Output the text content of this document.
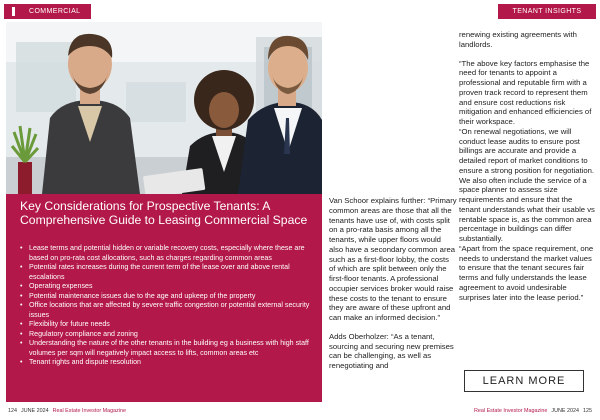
COMMERCIAL	TENANT INSIGHTS
Key Considerations for Prospective Tenants: A Comprehensive Guide to Leasing Commercial Space
• Lease terms and potential hidden or variable recovery costs, especially where these are based on pro-rata cost allocations, such as charges regarding common areas
• Potential rates increases during the current term of the lease over and above rental escalations
• Operating expenses
• Potential maintenance issues due to the age and upkeep of the property
• Office locations that are affected by severe traffic congestion or potential external security issues
• Flexibility for future needs
• Regulatory compliance and zoning
• Understanding the nature of the other tenants in the building eg a business with high staff volumes per sqm will negatively impact access to lifts, common areas etc
• Tenant rights and dispute resolution

Van Schoor explains further: “Primary common areas are those that all the tenants have use of, with costs split on a pro-rata basis among all the tenants, while upper floors would also have a secondary common area such as a first-floor lobby, the costs of which are split between only the first-floor tenants. A professional occupier services broker would raise these costs to the tenant to ensure they are aware of these upfront and can make an informed decision.”

Adds Oberholzer: “As a tenant, sourcing and securing new premises can be challenging, as well as renegotiating and

renewing existing agreements with landlords.

“The above key factors emphasise the need for tenants to appoint a professional and reputable firm with a proven track record to represent them and ensure cost reductions risk mitigation and enhanced efficiencies of their workspace.

“On renewal negotiations, we will conduct lease audits to ensure post billings are accurate and provide a detailed report of market conditions to ensure a strong position for negotiation. We also often include the service of a space planner to assess size requirements and ensure that the tenant understands what their usable vs rentable space is, as the common area percentage in buildings can differ substantially.

“Apart from the space requirement, one needs to understand the market values to ensure that the tenant secures fair terms and fully understands the lease agreement to avoid undesirable surprises later into the lease period.”

LEARN MORE
124 JUNE 2024 Real Estate Investor Magazine	Real Estate Investor Magazine JUNE 2024 125
